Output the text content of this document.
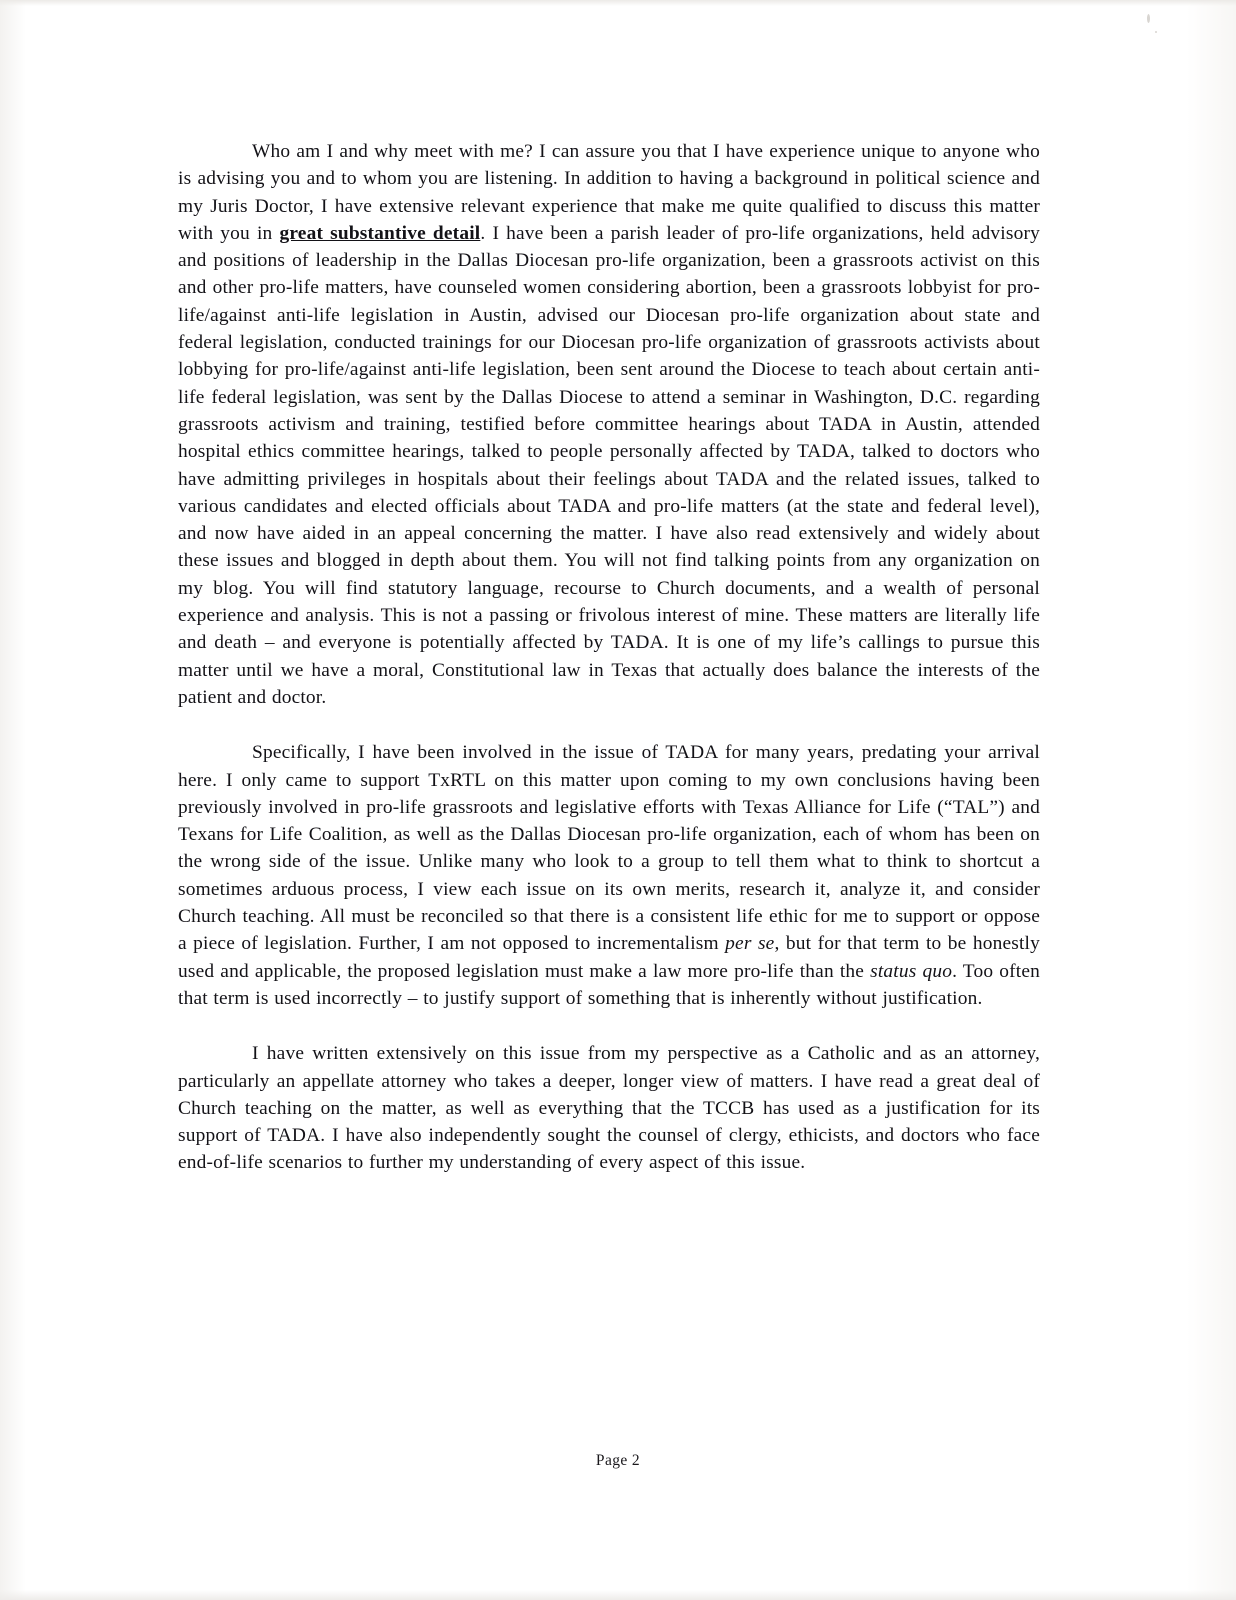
Who am I and why meet with me? I can assure you that I have experience unique to anyone who is advising you and to whom you are listening. In addition to having a background in political science and my Juris Doctor, I have extensive relevant experience that make me quite qualified to discuss this matter with you in great substantive detail. I have been a parish leader of pro-life organizations, held advisory and positions of leadership in the Dallas Diocesan pro-life organization, been a grassroots activist on this and other pro-life matters, have counseled women considering abortion, been a grassroots lobbyist for pro-life/against anti-life legislation in Austin, advised our Diocesan pro-life organization about state and federal legislation, conducted trainings for our Diocesan pro-life organization of grassroots activists about lobbying for pro-life/against anti-life legislation, been sent around the Diocese to teach about certain anti-life federal legislation, was sent by the Dallas Diocese to attend a seminar in Washington, D.C. regarding grassroots activism and training, testified before committee hearings about TADA in Austin, attended hospital ethics committee hearings, talked to people personally affected by TADA, talked to doctors who have admitting privileges in hospitals about their feelings about TADA and the related issues, talked to various candidates and elected officials about TADA and pro-life matters (at the state and federal level), and now have aided in an appeal concerning the matter. I have also read extensively and widely about these issues and blogged in depth about them. You will not find talking points from any organization on my blog. You will find statutory language, recourse to Church documents, and a wealth of personal experience and analysis. This is not a passing or frivolous interest of mine. These matters are literally life and death – and everyone is potentially affected by TADA. It is one of my life’s callings to pursue this matter until we have a moral, Constitutional law in Texas that actually does balance the interests of the patient and doctor.

Specifically, I have been involved in the issue of TADA for many years, predating your arrival here. I only came to support TxRTL on this matter upon coming to my own conclusions having been previously involved in pro-life grassroots and legislative efforts with Texas Alliance for Life (“TAL”) and Texans for Life Coalition, as well as the Dallas Diocesan pro-life organization, each of whom has been on the wrong side of the issue. Unlike many who look to a group to tell them what to think to shortcut a sometimes arduous process, I view each issue on its own merits, research it, analyze it, and consider Church teaching. All must be reconciled so that there is a consistent life ethic for me to support or oppose a piece of legislation. Further, I am not opposed to incrementalism per se, but for that term to be honestly used and applicable, the proposed legislation must make a law more pro-life than the status quo. Too often that term is used incorrectly – to justify support of something that is inherently without justification.

I have written extensively on this issue from my perspective as a Catholic and as an attorney, particularly an appellate attorney who takes a deeper, longer view of matters. I have read a great deal of Church teaching on the matter, as well as everything that the TCCB has used as a justification for its support of TADA. I have also independently sought the counsel of clergy, ethicists, and doctors who face end-of-life scenarios to further my understanding of every aspect of this issue.

Page 2
